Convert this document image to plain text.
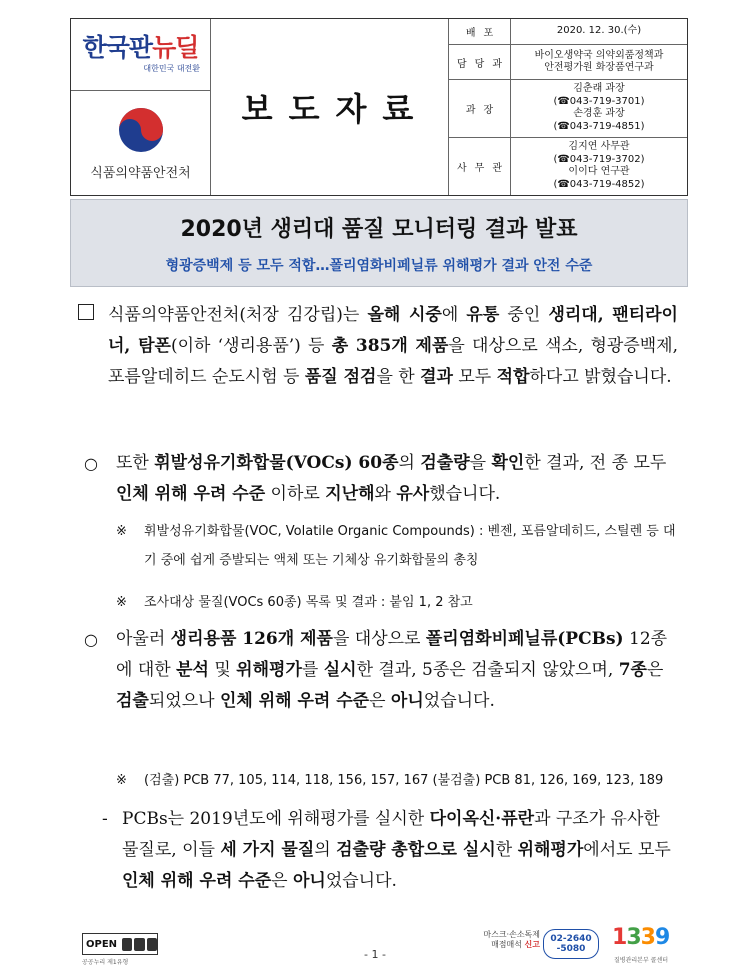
한국판뉴딜
대한민국 대전환
식품의약품안전처
보도자료
배포	2020. 12. 30.(수)
담당과
바이오생약국 의약외품정책과
안전평가원 화장품연구과
과장
김춘래 과장
(☎043-719-3701)
손경훈 과장
(☎043-719-4851)
사무관
김지연 사무관
(☎043-719-3702)
이이다 연구관
(☎043-719-4852)
2020년 생리대 품질 모니터링 결과 발표
형광증백제 등 모두 적합…폴리염화비페닐류 위해평가 결과 안전 수준
식품의약품안전처(처장 김강립)는 올해 시중에 유통 중인 생리대, 팬티라이너, 탐폰(이하 ‘생리용품’) 등 총 385개 제품을 대상으로 색소, 형광증백제, 포름알데히드 순도시험 등 품질 점검을 한 결과 모두 적합하다고 밝혔습니다.
○ 또한 휘발성유기화합물(VOCs) 60종의 검출량을 확인한 결과, 전 종 모두 인체 위해 우려 수준 이하로 지난해와 유사했습니다.
※ 휘발성유기화합물(VOC, Volatile Organic Compounds) : 벤젠, 포름알데히드, 스틸렌 등 대기 중에 쉽게 증발되는 액체 또는 기체상 유기화합물의 총칭
※ 조사대상 물질(VOCs 60종) 목록 및 결과 : 붙임 1, 2 참고
○ 아울러 생리용품 126개 제품을 대상으로 폴리염화비페닐류(PCBs) 12종에 대한 분석 및 위해평가를 실시한 결과, 5종은 검출되지 않았으며, 7종은 검출되었으나 인체 위해 우려 수준은 아니었습니다.
※ (검출) PCB 77, 105, 114, 118, 156, 157, 167 (불검출) PCB 81, 126, 169, 123, 189
- PCBs는 2019년도에 위해평가를 실시한 다이옥신·퓨란과 구조가 유사한 물질로, 이들 세 가지 물질의 검출량 총합으로 실시한 위해평가에서도 모두 인체 위해 우려 수준은 아니었습니다.
OPEN
공공누리 제1유형
- 1 -
마스크·손소독제
매점매석 신고
02-2640
-5080 1339
질병관리본부 콜센터
